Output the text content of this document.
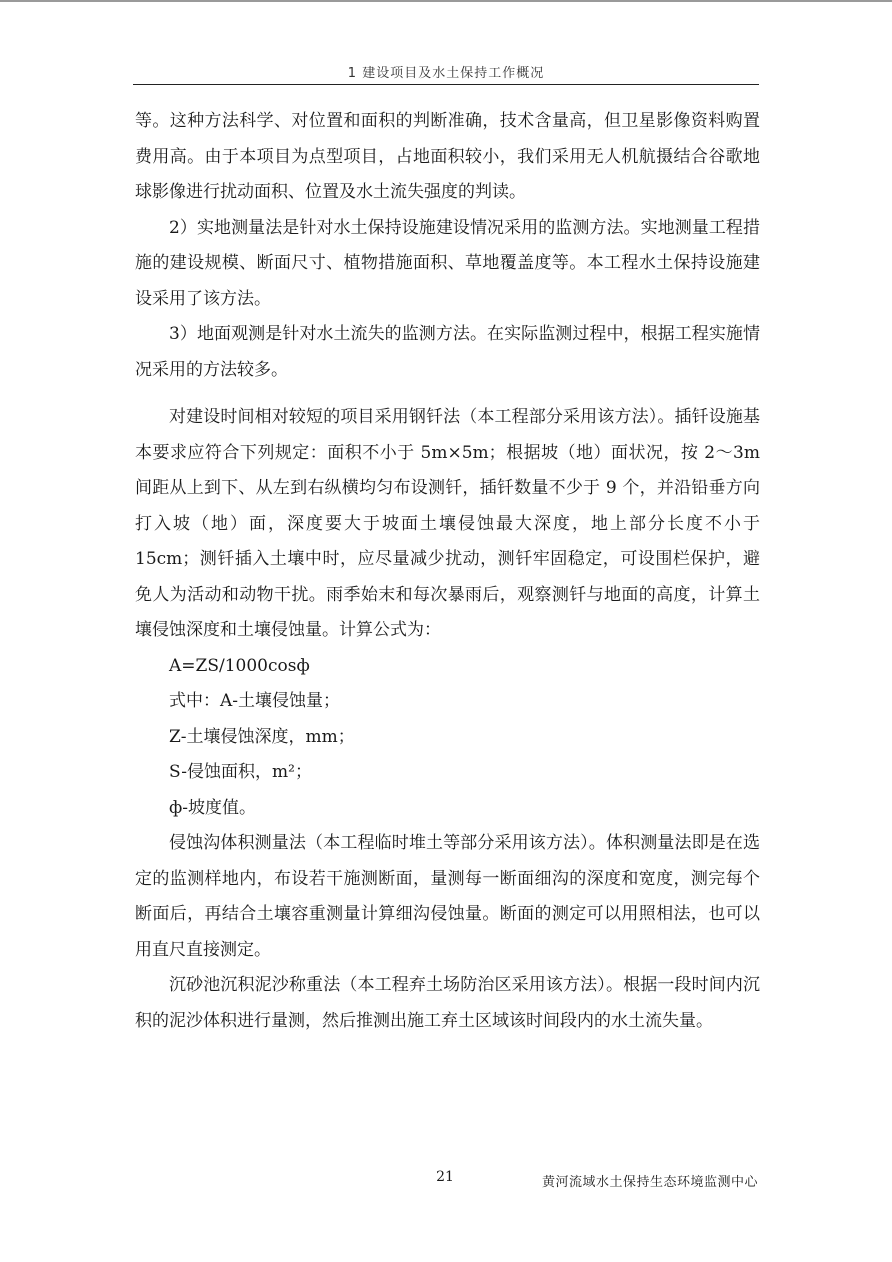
1 建设项目及水土保持工作概况

等。这种方法科学、对位置和面积的判断准确，技术含量高，但卫星影像资料购置费用高。由于本项目为点型项目，占地面积较小，我们采用无人机航摄结合谷歌地球影像进行扰动面积、位置及水土流失强度的判读。

2）实地测量法是针对水土保持设施建设情况采用的监测方法。实地测量工程措施的建设规模、断面尺寸、植物措施面积、草地覆盖度等。本工程水土保持设施建设采用了该方法。

3）地面观测是针对水土流失的监测方法。在实际监测过程中，根据工程实施情况采用的方法较多。

对建设时间相对较短的项目采用钢钎法（本工程部分采用该方法）。插钎设施基本要求应符合下列规定：面积不小于 5m×5m；根据坡（地）面状况，按 2～3m 间距从上到下、从左到右纵横均匀布设测钎，插钎数量不少于 9 个，并沿铅垂方向打入坡（地）面，深度要大于坡面土壤侵蚀最大深度，地上部分长度不小于 15cm；测钎插入土壤中时，应尽量减少扰动，测钎牢固稳定，可设围栏保护，避免人为活动和动物干扰。雨季始末和每次暴雨后，观察测钎与地面的高度，计算土壤侵蚀深度和土壤侵蚀量。计算公式为：

A=ZS/1000cosф

式中：A-土壤侵蚀量；

Z-土壤侵蚀深度，mm；

S-侵蚀面积，m²；

ф-坡度值。

侵蚀沟体积测量法（本工程临时堆土等部分采用该方法）。体积测量法即是在选定的监测样地内，布设若干施测断面，量测每一断面细沟的深度和宽度，测完每个断面后，再结合土壤容重测量计算细沟侵蚀量。断面的测定可以用照相法，也可以用直尺直接测定。

沉砂池沉积泥沙称重法（本工程弃土场防治区采用该方法）。根据一段时间内沉积的泥沙体积进行量测，然后推测出施工弃土区域该时间段内的水土流失量。

21	黄河流域水土保持生态环境监测中心
